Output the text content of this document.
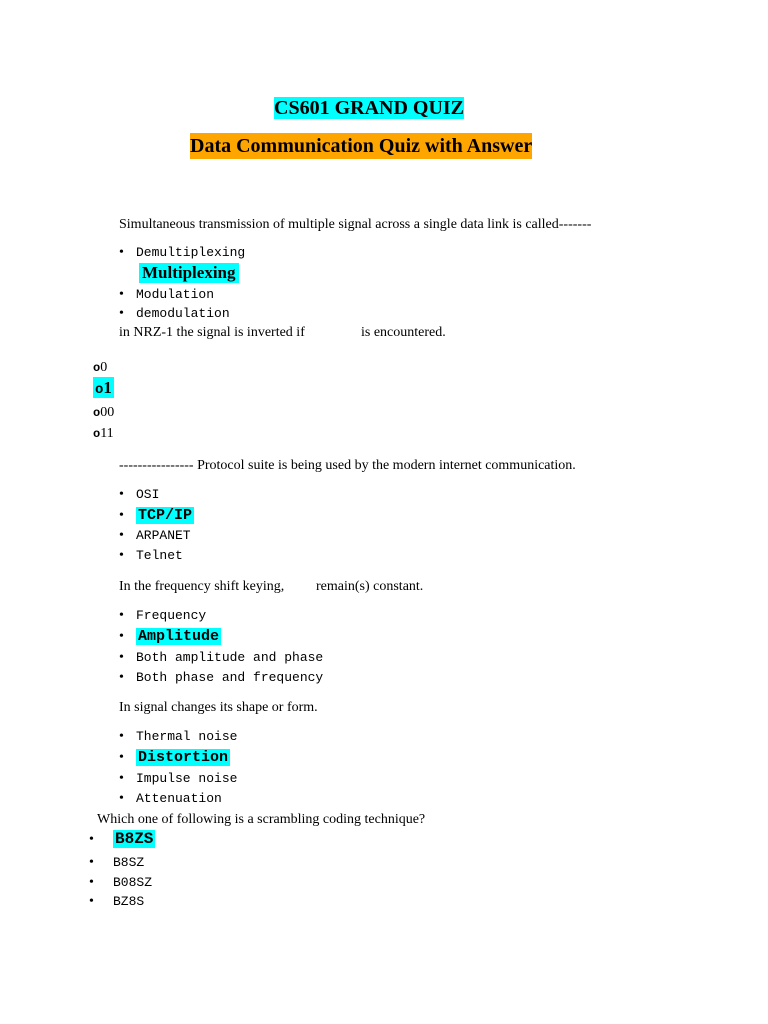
CS601 GRAND QUIZ
Data Communication Quiz with Answer
Simultaneous transmission of multiple signal across a single data link is called-------
• Demultiplexing
Multiplexing
• Modulation
• demodulation
in NRZ-1 the signal is inverted if	is encountered.
o0
o1
o00
o11
---------------- Protocol suite is being used by the modern internet communication.
• OSI
• TCP/IP
• ARPANET
• Telnet
In the frequency shift keying, remain(s) constant.
• Frequency
• Amplitude
• Both amplitude and phase
• Both phase and frequency
In signal changes its shape or form.
• Thermal noise
• Distortion
• Impulse noise
• Attenuation
Which one of following is a scrambling coding technique?
• B8ZS
• B8SZ
• B08SZ
• BZ8S
